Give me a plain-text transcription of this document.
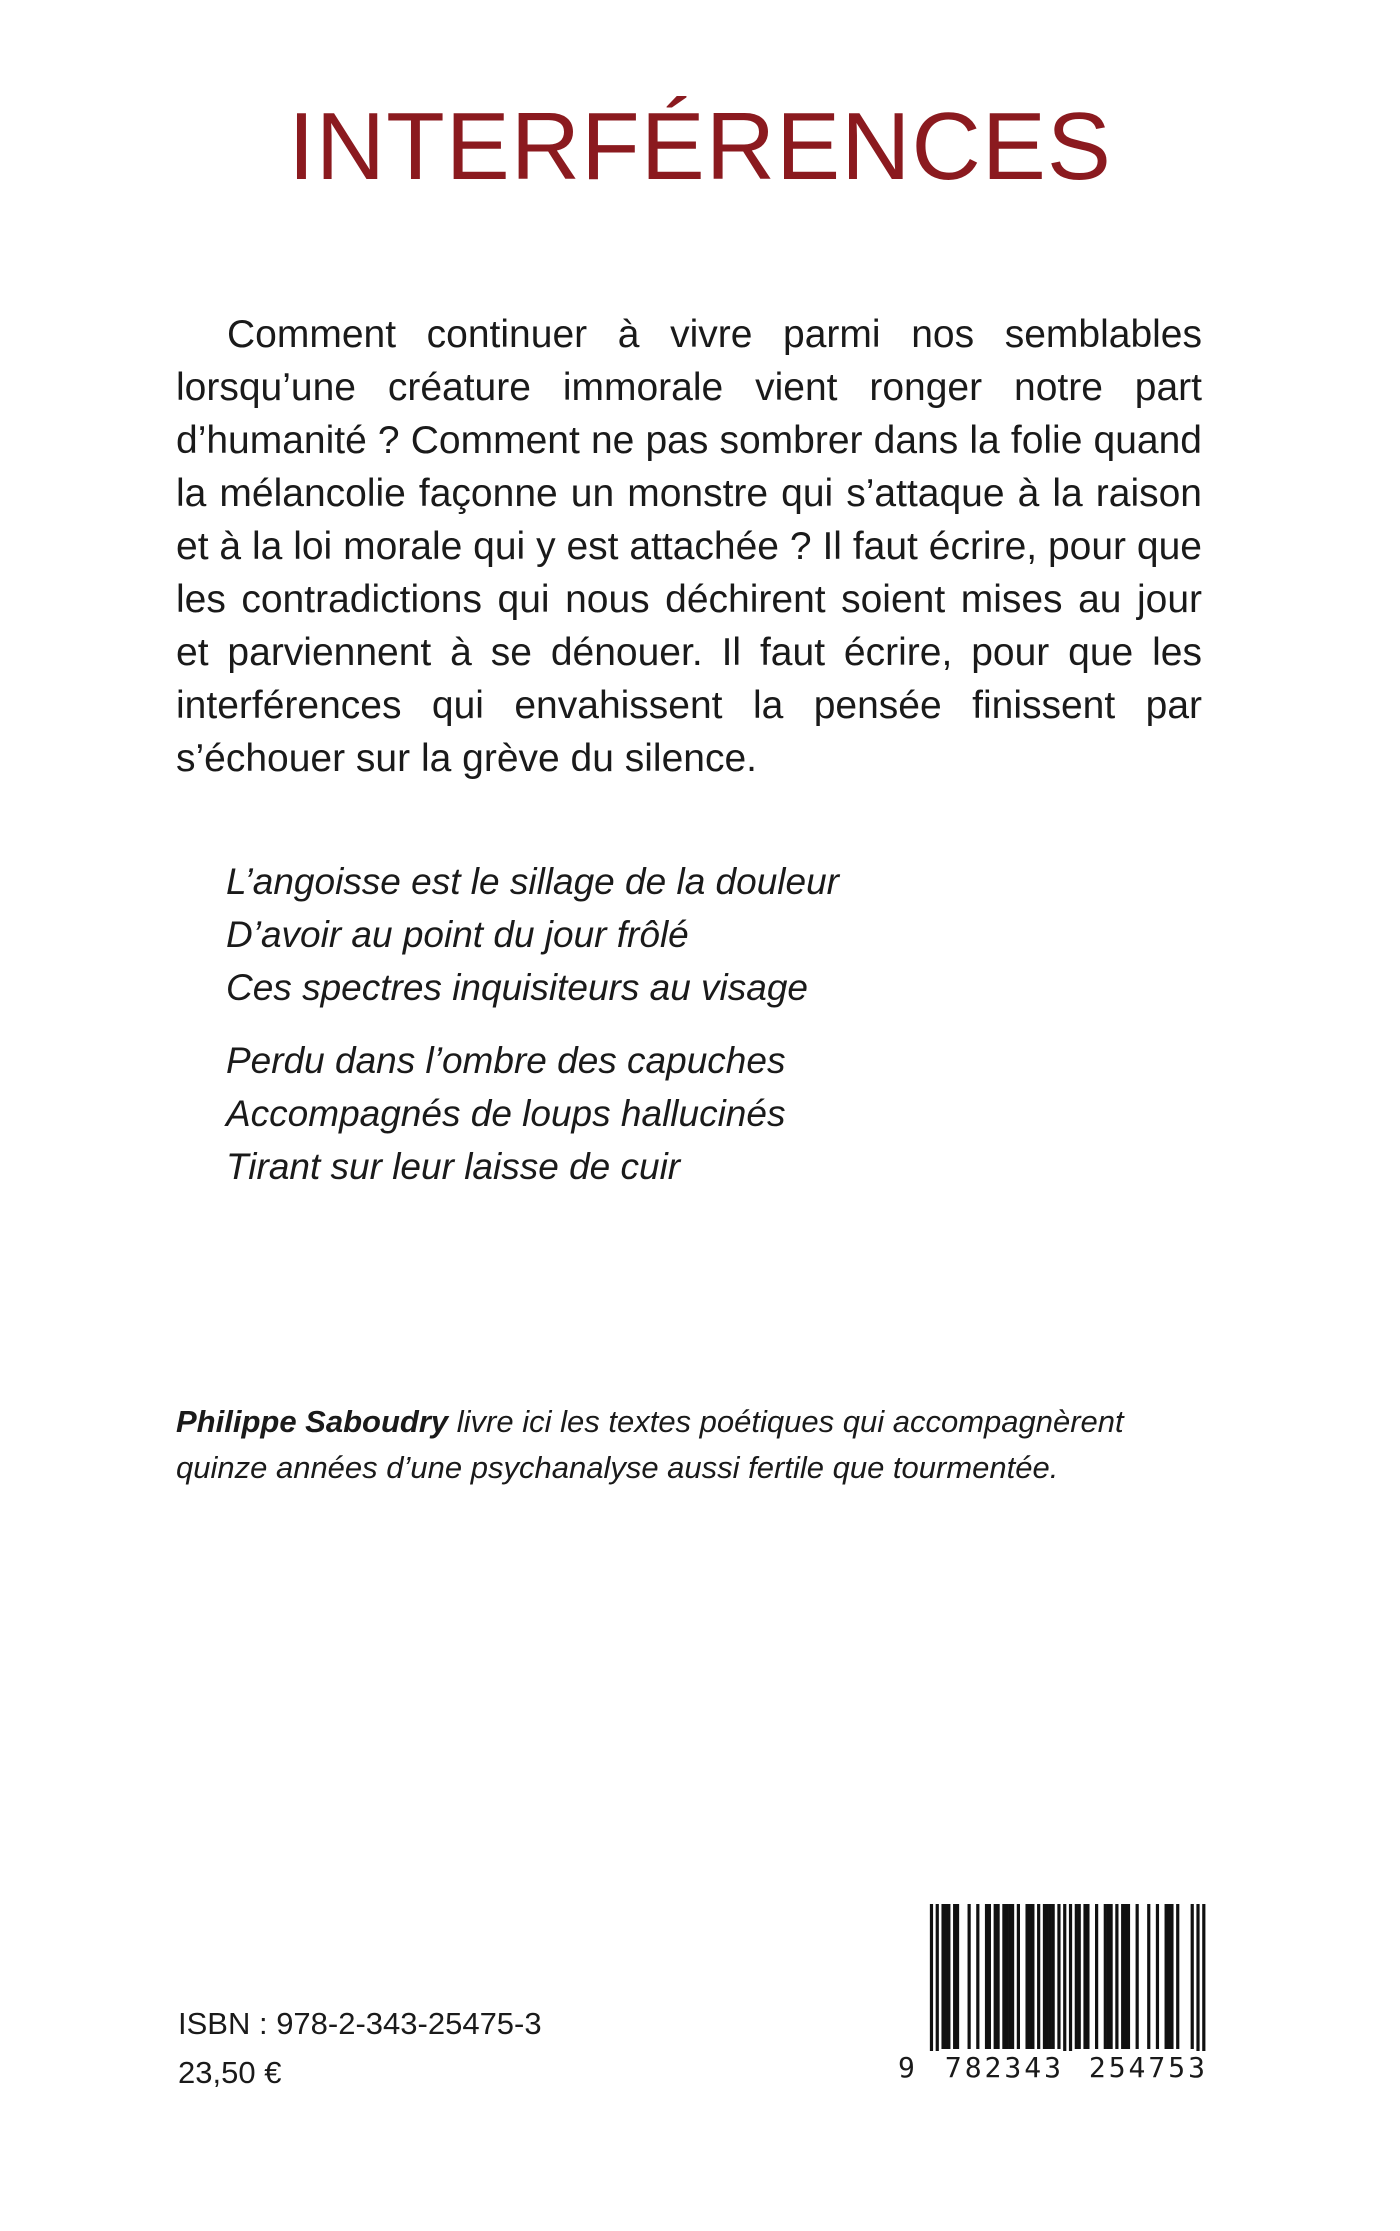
INTERFÉRENCES

Comment continuer à vivre parmi nos semblables lorsqu’une créature immorale vient ronger notre part d’humanité ? Comment ne pas sombrer dans la folie quand la mélancolie façonne un monstre qui s’attaque à la raison et à la loi morale qui y est attachée ? Il faut écrire, pour que les contradictions qui nous déchirent soient mises au jour et parviennent à se dénouer. Il faut écrire, pour que les interférences qui envahissent la pensée finissent par s’échouer sur la grève du silence.

L’angoisse est le sillage de la douleur
D’avoir au point du jour frôlé
Ces spectres inquisiteurs au visage
Perdu dans l’ombre des capuches
Accompagnés de loups hallucinés
Tirant sur leur laisse de cuir

Philippe Saboudry livre ici les textes poétiques qui accompagnèrent quinze années d’une psychanalyse aussi fertile que tourmentée.

ISBN : 978-2-343-25475-3

23,50 €	9 782343 254753
